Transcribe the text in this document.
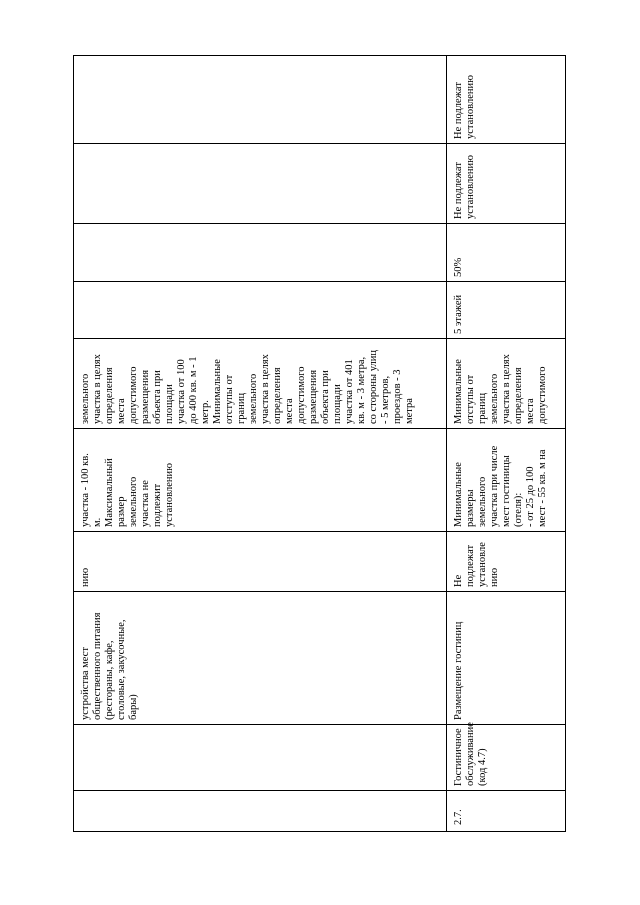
устройства мест
общественного питания
(рестораны, кафе,
столовые, закусочные,
бары)
нию
участка - 100 кв.
м.
Максимальный
размер
земельного
участка не
подлежит
установлению
земельного
участка в целях
определения
места
допустимого
размещения
объекта при
площади
участка от 100
до 400 кв. м - 1
метр.
Минимальные
отступы от
границ
земельного
участка в целях
определения
места
допустимого
размещения
объекта при
площади
участка от 401
кв. м - 3 метра,
со стороны улиц
- 5 метров,
проездов - 3
метра
2.7.
Гостиничное
обслуживание
(код 4.7)
Размещение гостиниц
Не
подлежат
установле
нию
Минимальные
размеры
земельного
участка при числе
мест гостиницы
(отеля):
- от 25 до 100
мест - 55 кв. м на
Минимальные
отступы от
границ
земельного
участка в целях
определения
места
допустимого
5 этажей
50%
Не подлежат
установлению
Не подлежат
установлению
